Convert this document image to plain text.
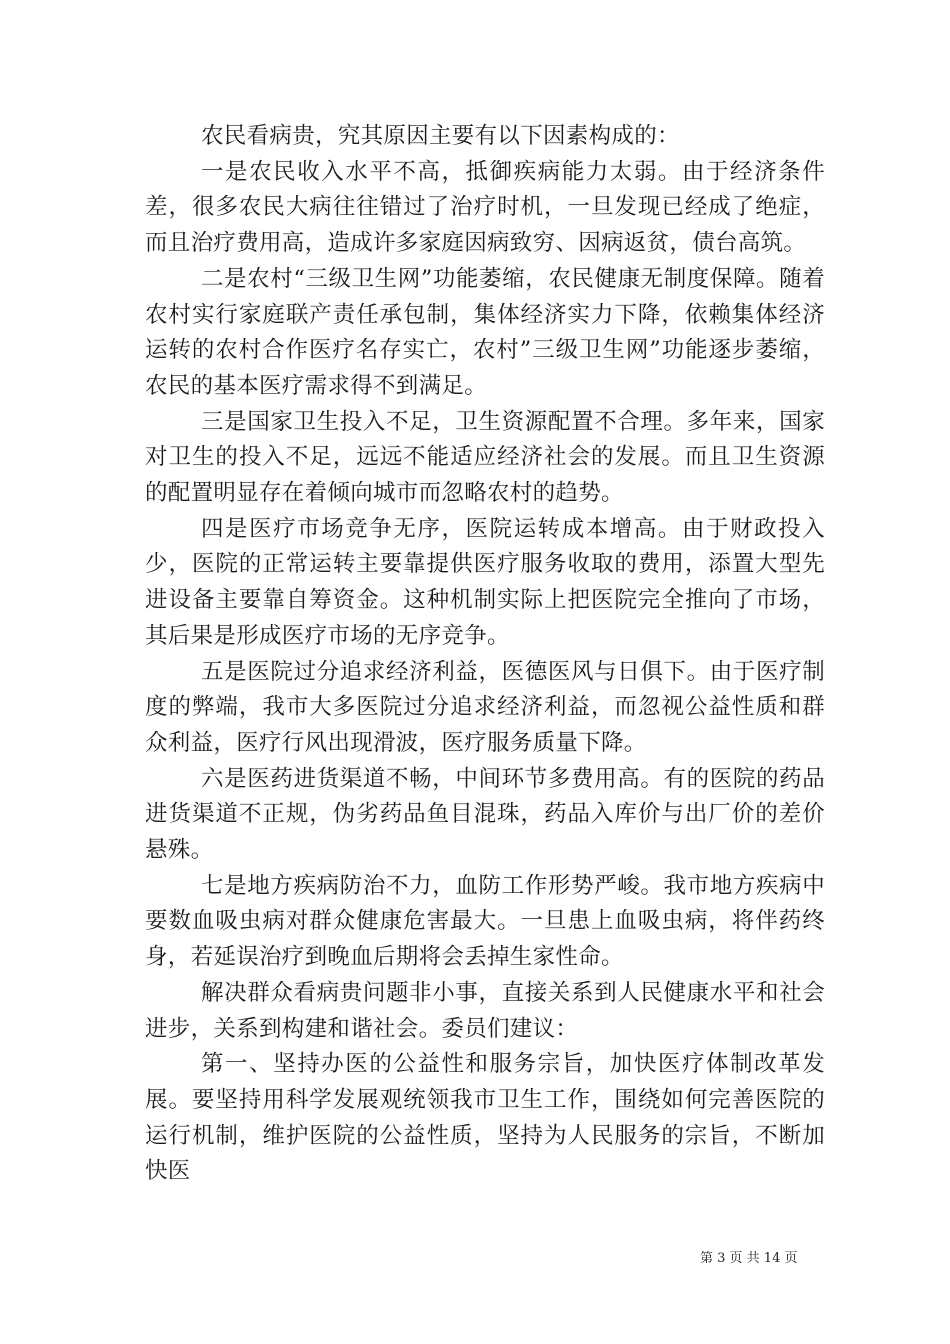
农民看病贵，究其原因主要有以下因素构成的：

一是农民收入水平不高，抵御疾病能力太弱。由于经济条件差，很多农民大病往往错过了治疗时机，一旦发现已经成了绝症，而且治疗费用高，造成许多家庭因病致穷、因病返贫，债台高筑。

二是农村“三级卫生网”功能萎缩，农民健康无制度保障。随着农村实行家庭联产责任承包制，集体经济实力下降，依赖集体经济运转的农村合作医疗名存实亡，农村”三级卫生网”功能逐步萎缩，农民的基本医疗需求得不到满足。

三是国家卫生投入不足，卫生资源配置不合理。多年来，国家对卫生的投入不足，远远不能适应经济社会的发展。而且卫生资源的配置明显存在着倾向城市而忽略农村的趋势。

四是医疗市场竞争无序，医院运转成本增高。由于财政投入少，医院的正常运转主要靠提供医疗服务收取的费用，添置大型先进设备主要靠自筹资金。这种机制实际上把医院完全推向了市场，其后果是形成医疗市场的无序竞争。

五是医院过分追求经济利益，医德医风与日俱下。由于医疗制度的弊端，我市大多医院过分追求经济利益，而忽视公益性质和群众利益，医疗行风出现滑波，医疗服务质量下降。

六是医药进货渠道不畅，中间环节多费用高。有的医院的药品进货渠道不正规，伪劣药品鱼目混珠，药品入库价与出厂价的差价悬殊。

七是地方疾病防治不力，血防工作形势严峻。我市地方疾病中要数血吸虫病对群众健康危害最大。一旦患上血吸虫病，将伴药终身，若延误治疗到晚血后期将会丢掉生家性命。

解决群众看病贵问题非小事，直接关系到人民健康水平和社会进步，关系到构建和谐社会。委员们建议：

第一、坚持办医的公益性和服务宗旨，加快医疗体制改革发展。要坚持用科学发展观统领我市卫生工作，围绕如何完善医院的运行机制，维护医院的公益性质，坚持为人民服务的宗旨，不断加快医

第 3 页 共 14 页
